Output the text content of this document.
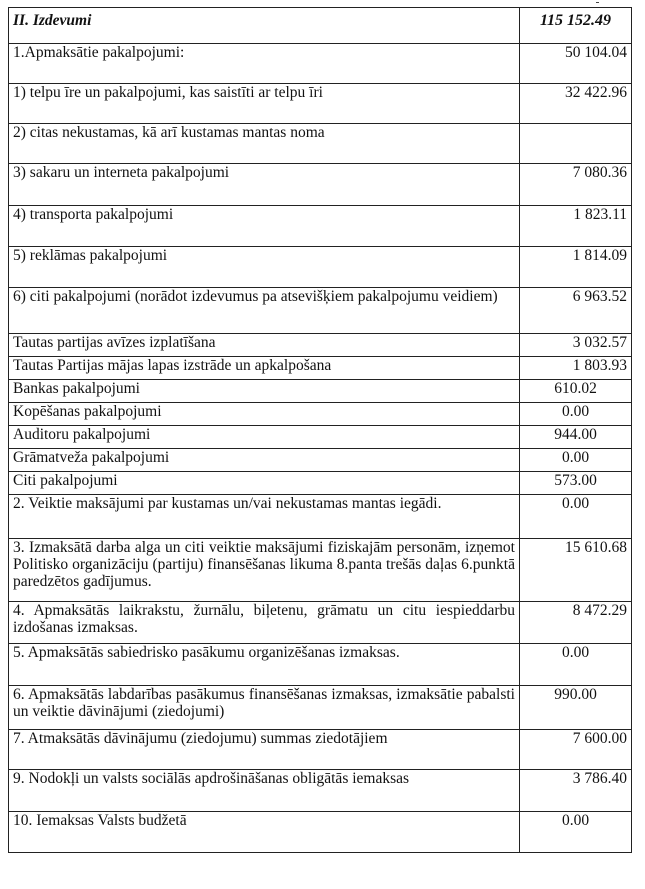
II. Izdevumi	115 152.49
1.Apmaksātie pakalpojumi:	50 104.04
1) telpu īre un pakalpojumi, kas saistīti ar telpu īri	32 422.96
2) citas nekustamas, kā arī kustamas mantas noma	
3) sakaru un interneta pakalpojumi	7 080.36
4) transporta pakalpojumi	1 823.11
5) reklāmas pakalpojumi	1 814.09
6) citi pakalpojumi (norādot izdevumus pa atsevišķiem pakalpojumu veidiem)	6 963.52
Tautas partijas avīzes izplatīšana	3 032.57
Tautas Partijas mājas lapas izstrāde un apkalpošana	1 803.93
Bankas pakalpojumi	610.02
Kopēšanas pakalpojumi	0.00
Auditoru pakalpojumi	944.00
Grāmatveža pakalpojumi	0.00
Citi pakalpojumi	573.00
2. Veiktie maksājumi par kustamas un/vai nekustamas mantas iegādi.	0.00
3. Izmaksātā darba alga un citi veiktie maksājumi fiziskajām personām, izņemot Politisko organizāciju (partiju) finansēšanas likuma 8.panta trešās daļas 6.punktā paredzētos gadījumus.	15 610.68
4. Apmaksātās laikrakstu, žurnālu, biļetenu, grāmatu un citu iespieddarbu izdošanas izmaksas.	8 472.29
5. Apmaksātās sabiedrisko pasākumu organizēšanas izmaksas.	0.00
6. Apmaksātās labdarības pasākumus finansēšanas izmaksas, izmaksātie pabalsti un veiktie dāvinājumi (ziedojumi)	990.00
7. Atmaksātās dāvinājumu (ziedojumu) summas ziedotājiem	7 600.00
9. Nodokļi un valsts sociālās apdrošināšanas obligātās iemaksas	3 786.40
10. Iemaksas Valsts budžetā	0.00
